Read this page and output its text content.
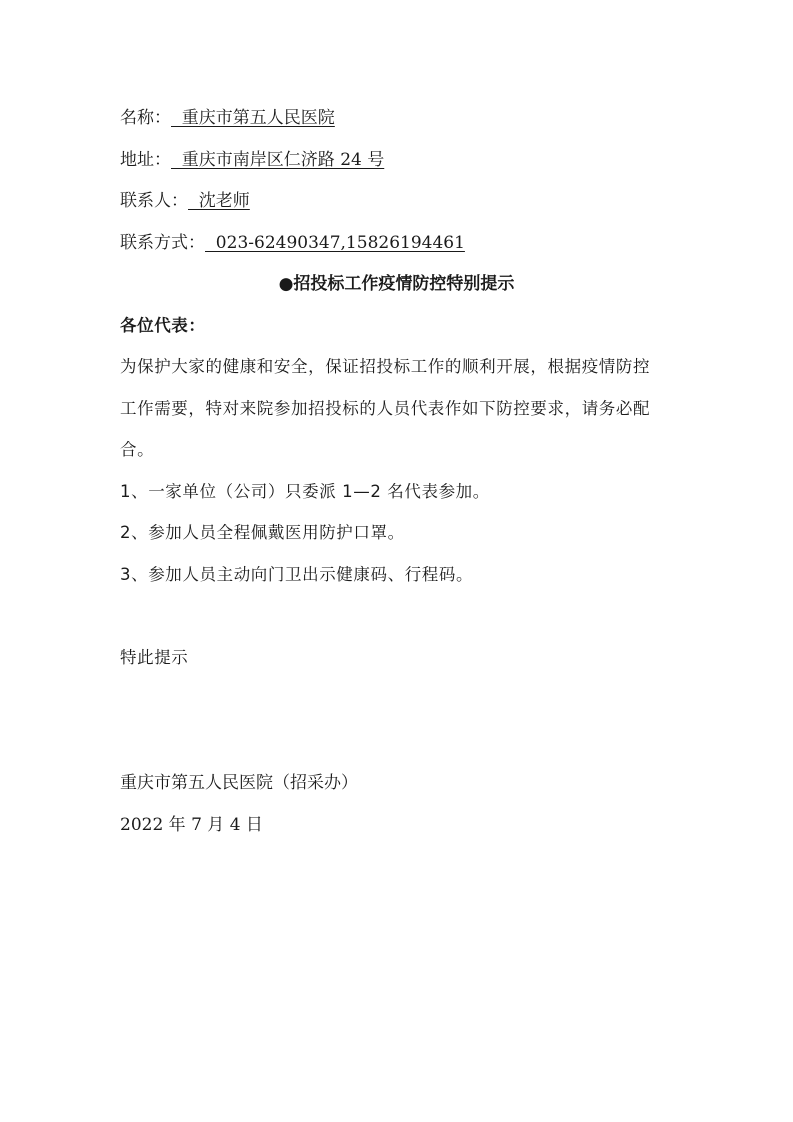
名称：  重庆市第五人民医院
地址：  重庆市南岸区仁济路 24 号
联系人：  沈老师
联系方式：  023-62490347,15826194461
●招投标工作疫情防控特别提示
各位代表：
为保护大家的健康和安全，保证招投标工作的顺利开展，根据疫情防控
工作需要，特对来院参加招投标的人员代表作如下防控要求，请务必配
合。
1、一家单位（公司）只委派 1—2 名代表参加。
2、参加人员全程佩戴医用防护口罩。
3、参加人员主动向门卫出示健康码、行程码。
特此提示
重庆市第五人民医院（招采办）
2022 年 7 月 4 日
